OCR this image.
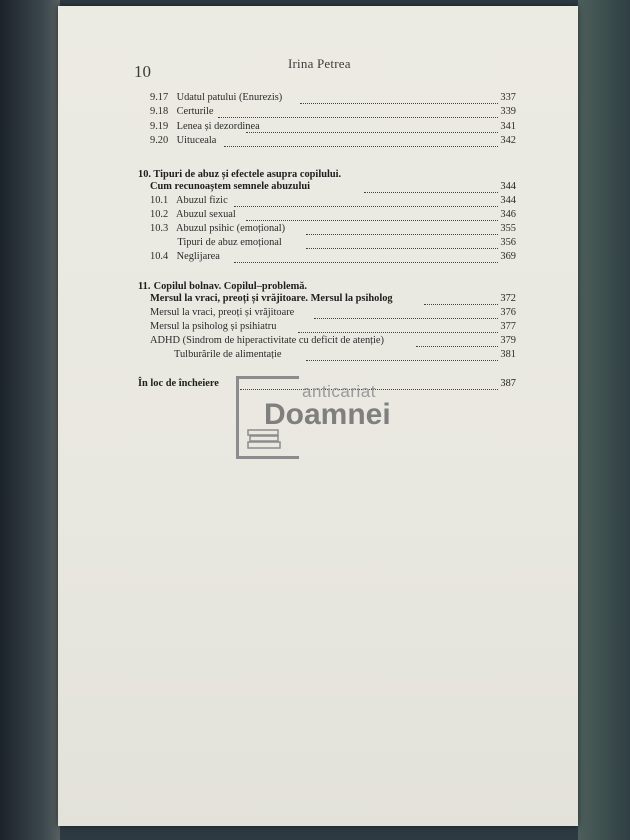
10	Irina Petrea
9.17 Udatul patului (Enurezis)	337
9.18 Certurile	339
9.19 Lenea și dezordinea	341
9.20 Uituceala	342
10. Tipuri de abuz și efectele asupra copilului.
Cum recunoaștem semnele abuzului	344
10.1 Abuzul fizic	344
10.2 Abuzul sexual	346
10.3 Abuzul psihic (emoțional)	355
Tipuri de abuz emoțional	356
10.4 Neglijarea	369
11. Copilul bolnav. Copilul–problemă.
Mersul la vraci, preoți și vrăjitoare. Mersul la psiholog	372
Mersul la vraci, preoți și vrăjitoare	376
Mersul la psiholog și psihiatru	377
ADHD (Sindrom de hiperactivitate cu deficit de atenție)	379
Tulburările de alimentație	381
În loc de încheiere	387
anticariat
Doamnei
